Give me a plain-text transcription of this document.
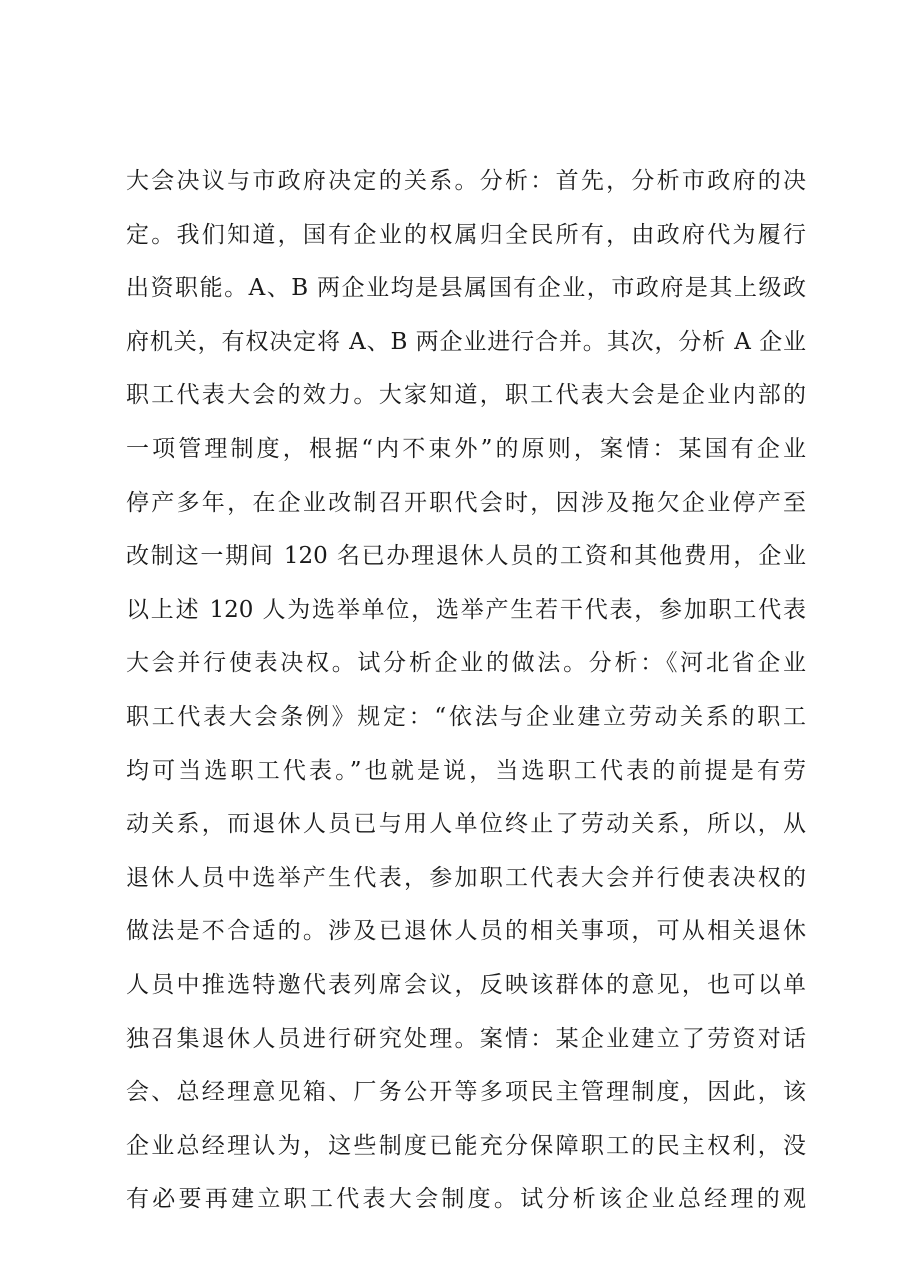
大会决议与市政府决定的关系。分析：首先，分析市政府的决
定。我们知道，国有企业的权属归全民所有，由政府代为履行
出资职能。A、B 两企业均是县属国有企业，市政府是其上级政
府机关，有权决定将 A、B 两企业进行合并。其次，分析 A 企业
职工代表大会的效力。大家知道，职工代表大会是企业内部的
一项管理制度，根据“内不束外”的原则，案情：某国有企业
停产多年，在企业改制召开职代会时，因涉及拖欠企业停产至
改制这一期间 120 名已办理退休人员的工资和其他费用，企业
以上述 120 人为选举单位，选举产生若干代表，参加职工代表
大会并行使表决权。试分析企业的做法。分析：《河北省企业
职工代表大会条例》规定：“依法与企业建立劳动关系的职工
均可当选职工代表。”也就是说，当选职工代表的前提是有劳
动关系，而退休人员已与用人单位终止了劳动关系，所以，从
退休人员中选举产生代表，参加职工代表大会并行使表决权的
做法是不合适的。涉及已退休人员的相关事项，可从相关退休
人员中推选特邀代表列席会议，反映该群体的意见，也可以单
独召集退休人员进行研究处理。案情：某企业建立了劳资对话
会、总经理意见箱、厂务公开等多项民主管理制度，因此，该
企业总经理认为，这些制度已能充分保障职工的民主权利，没
有必要再建立职工代表大会制度。试分析该企业总经理的观
